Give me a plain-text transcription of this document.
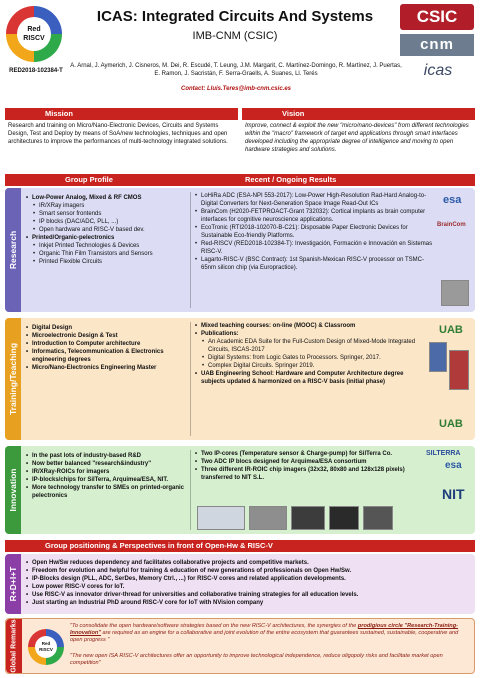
Red
RISCV
RED2018-102384-T
ICAS: Integrated Circuits And Systems
IMB-CNM (CSIC)
A. Arnal, J. Aymerich, J. Cisneros, M. Dei, R. Escudé, T. Leung, J.M. Margarit, C. Martínez-Domingo, R. Martínez, J. Puertas, E. Ramon, J. Sacristán, F. Serra-Graells, A. Suanes, Ll. Terés
Contact: Lluis.Teres@imb-cnm.csic.es
CSIC
cnm
icas
Mission	Vision
Research and training on Micro/Nano-Electronic Devices, Circuits and Systems Design, Test and Deploy by means of SoA/new technologies, techniques and open architectures to improve the performances of multi-technology integrated solutions.
Improve, connect & exploit the new "micro/nano-devices" from different technologies within the "macro" framework of target end applications through smart interfaces developed including the appropriate degree of intelligence and moving to open hardware strategies and solutions.
Group Profile	Recent / Ongoing Results
Research
• Low-Power Analog, Mixed & RF CMOS
• IR/XRay imagers
• Smart sensor frontends
• IP blocks (DAC/ADC, PLL, ...)
• Open hardware and RISC-V based dev.
• Printed/Organic-pelectronics
• Inkjet Printed Technologies & Devices
• Organic Thin Film Transistors and Sensors
• Printed Flexible Circuits
• LoHiRa ADC (ESA-NPI 553-2017): Low-Power High-Resolution Rad-Hard Analog-to-Digital Converters for Next-Generation Space Image Read-Out ICs
• BrainCom (H2020-FETPROACT-Grant 732032): Cortical implants as brain computer interfaces for cognitive neuroscience applications.
• EcoTronic (RTI2018-102070-B-C21): Disposable Paper Electronic Devices for Sustainable Eco-friendly Platforms.
• Red-RISCV (RED2018-102384-T): Investigación, Formación e Innovación en Sistemas RISC-V.
• Lagarto-RISC-V (BSC Contract): 1st Spanish-Mexican RISC-V processor on TSMC-65nm silicon chip (via Europractice).
esa
BrainCom
Training/Teaching
• Digital Design
• Microelectronic Design & Test
• Introduction to Computer architecture
• Informatics, Telecommunication & Electronics engineering degrees
• Micro/Nano-Electronics Engineering Master
• Mixed teaching courses: on-line (MOOC) & Classroom
• Publications:
• An Academic EDA Suite for the Full-Custom Design of Mixed-Mode Integrated Circuits, ISCAS-2017
• Digital Systems: from Logic Gates to Processors. Springer, 2017.
• Complex Digital Circuits. Springer 2019.
• UAB Engineering School: Hardware and Computer Architecture degree subjects updated & harmonized on a RISC-V basis (initial phase)
UAB
UAB
Innovation
• In the past lots of industry-based R&D
• Now better balanced "research&industry"
• IR/XRay-ROICs for imagers
• IP-blocks/chips for SilTerra, Arquimea/ESA, NIT.
• More technology transfer to SMEs on printed-organic pelectronics
• Two IP-cores (Temperature sensor & Charge-pump) for SilTerra Co.
• Two ADC IP blocs designed for Arquimea/ESA consortium
• Three different IR-ROIC chip imagers (32x32, 80x80 and 128x128 pixels) transferred to NIT S.L.
SILTERRA
esa
NIT
Group positioning & Perspectives in front of Open-Hw & RISC-V
R+D+I+T
• Open Hw/Sw reduces dependency and facilitates collaborative projects and competitive markets.
• Freedom for evolution and helpful for training & education of new generations of professionals on Open Hw/Sw.
• IP-Blocks design (PLL, ADC, SerDes, Memory Ctrl., ...) for RISC-V cores and related application developments.
• Low power RISC-V cores for IoT.
• Use RISC-V as innovator driver-thread for universities and collaborative training strategies for all education levels.
• Just starting an Industrial PhD around RISC-V core for IoT with NVision company
Global Remarks	Red
RISCV
"To consolidate the open hardware/software strategies based on the new RISC-V architectures, the synergies of the prodigious circle "Research-Training-Innovation" are required as an engine for a collaborative and joint evolution of the entire ecosystem that guarantees sustained, sustainable, cooperative and open progress "
"The new open ISA RISC-V architectures offer an opportunity to improve technological independence, reduce oligopoly risks and facilitate market open competition"
